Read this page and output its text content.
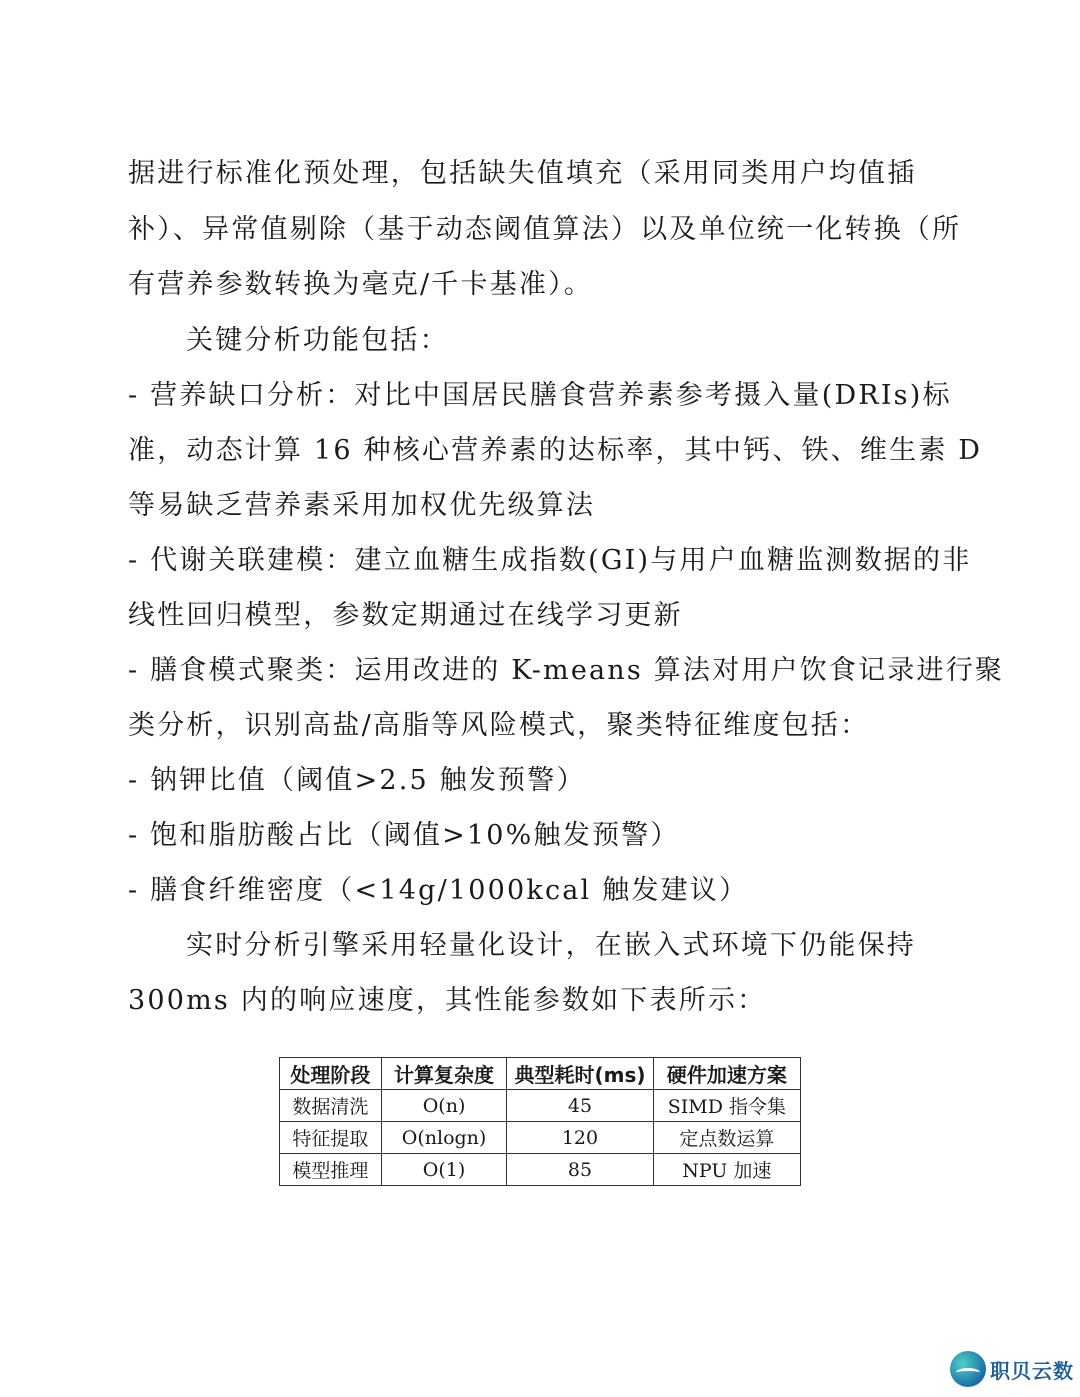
据进行标准化预处理，包括缺失值填充（采用同类用户均值插
补）、异常值剔除（基于动态阈值算法）以及单位统一化转换（所
有营养参数转换为毫克/千卡基准）。
关键分析功能包括：
- 营养缺口分析：对比中国居民膳食营养素参考摄入量(DRIs)标
准，动态计算 16 种核心营养素的达标率，其中钙、铁、维生素 D
等易缺乏营养素采用加权优先级算法
- 代谢关联建模：建立血糖生成指数(GI)与用户血糖监测数据的非
线性回归模型，参数定期通过在线学习更新
- 膳食模式聚类：运用改进的 K-means 算法对用户饮食记录进行聚
类分析，识别高盐/高脂等风险模式，聚类特征维度包括：
- 钠钾比值（阈值>2.5 触发预警）
- 饱和脂肪酸占比（阈值>10%触发预警）
- 膳食纤维密度（<14g/1000kcal 触发建议）
实时分析引擎采用轻量化设计，在嵌入式环境下仍能保持
300ms 内的响应速度，其性能参数如下表所示：
处理阶段	计算复杂度	典型耗时(ms)	硬件加速方案
数据清洗	O(n)	45	SIMD 指令集
特征提取	O(nlogn)	120	定点数运算
模型推理	O(1)	85	NPU 加速
职贝云数
